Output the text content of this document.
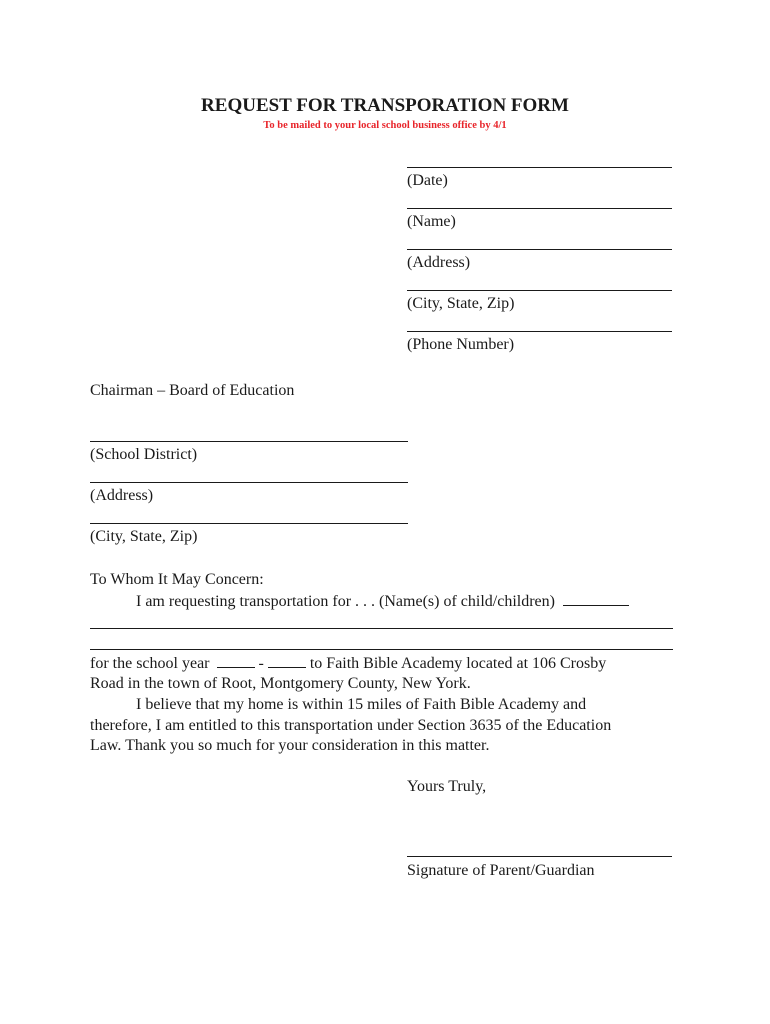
REQUEST FOR TRANSPORATION FORM
To be mailed to your local school business office by 4/1
(Date)
(Name)
(Address)
(City, State, Zip)
(Phone Number)
Chairman – Board of Education
(School District)
(Address)
(City, State, Zip)
To Whom It May Concern:
I am requesting transportation for . . . (Name(s) of child/children)
for the school year	-	to Faith Bible Academy located at 106 Crosby
Road in the town of Root, Montgomery County, New York.
I believe that my home is within 15 miles of Faith Bible Academy and
therefore, I am entitled to this transportation under Section 3635 of the Education
Law. Thank you so much for your consideration in this matter.
Yours Truly,
Signature of Parent/Guardian
